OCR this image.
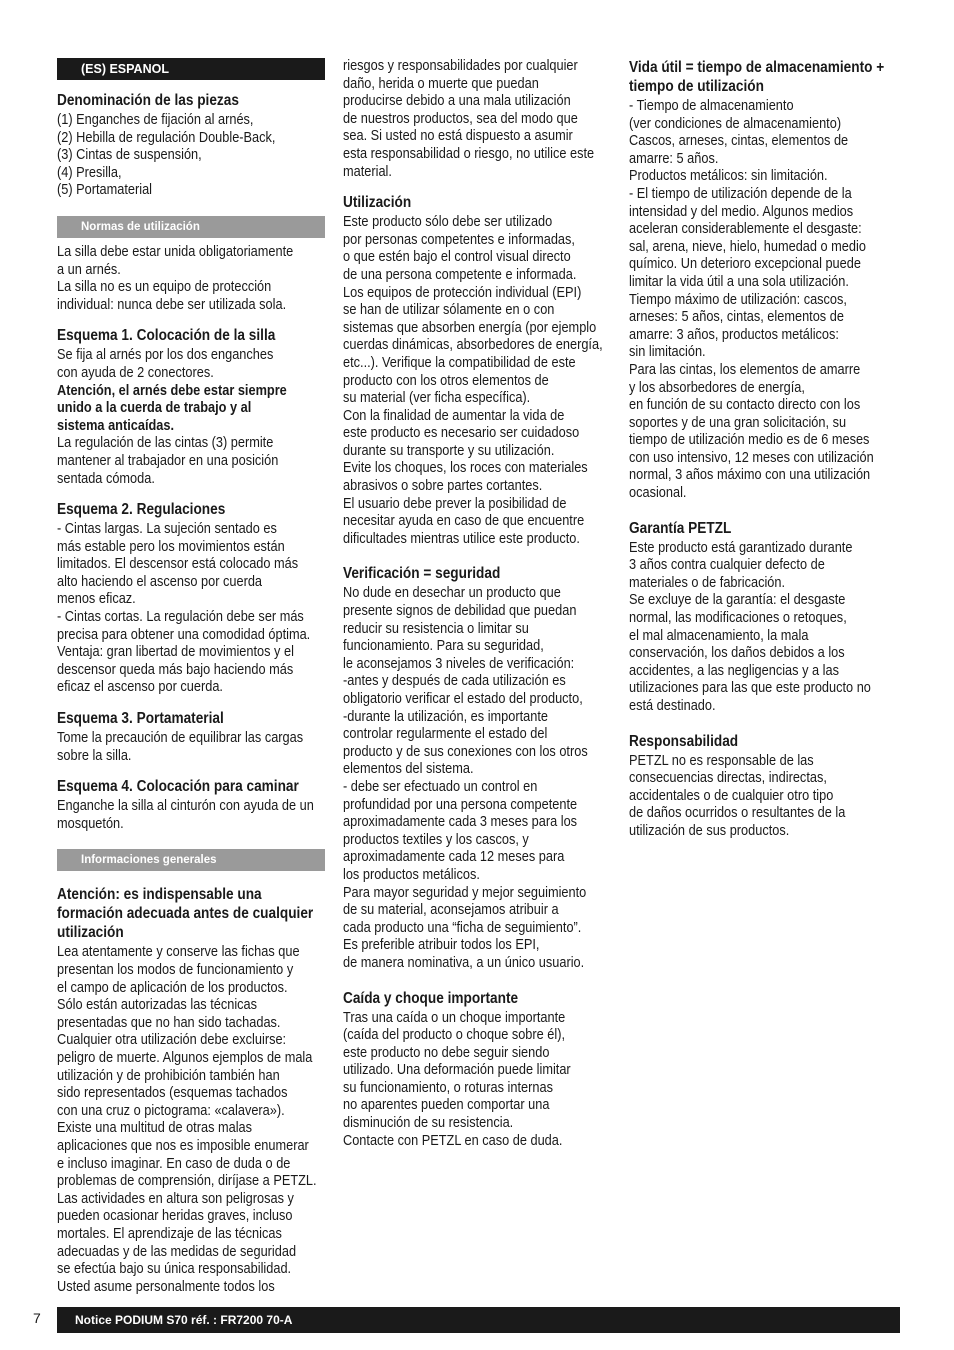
(ES) ESPANOL
Denominación de las piezas

(1) Enganches de fijación al arnés,
(2) Hebilla de regulación Double-Back,
(3) Cintas de suspensión,
(4) Presilla,
(5) Portamaterial

Normas de utilización

La silla debe estar unida obligatoriamente
a un arnés.
La silla no es un equipo de protección
individual: nunca debe ser utilizada sola.

Esquema 1. Colocación de la silla

Se fija al arnés por los dos enganches
con ayuda de 2 conectores.

Atención, el arnés debe estar siempre
unido a la cuerda de trabajo y al
sistema anticaídas.

La regulación de las cintas (3) permite
mantener al trabajador en una posición
sentada cómoda.

Esquema 2. Regulaciones

- Cintas largas. La sujeción sentado es
más estable pero los movimientos están
limitados. El descensor está colocado más
alto haciendo el ascenso por cuerda
menos eficaz.
- Cintas cortas. La regulación debe ser más
precisa para obtener una comodidad óptima.
Ventaja: gran libertad de movimientos y el
descensor queda más bajo haciendo más
eficaz el ascenso por cuerda.

Esquema 3. Portamaterial

Tome la precaución de equilibrar las cargas
sobre la silla.

Esquema 4. Colocación para caminar

Enganche la silla al cinturón con ayuda de un
mosquetón.

Informaciones generales
Atención: es indispensable una
formación adecuada antes de cualquier
utilización

Lea atentamente y conserve las fichas que
presentan los modos de funcionamiento y
el campo de aplicación de los productos.
Sólo están autorizadas las técnicas
presentadas que no han sido tachadas.
Cualquier otra utilización debe excluirse:
peligro de muerte. Algunos ejemplos de mala
utilización y de prohibición también han
sido representados (esquemas tachados
con una cruz o pictograma: «calavera»).
Existe una multitud de otras malas
aplicaciones que nos es imposible enumerar
e incluso imaginar. En caso de duda o de
problemas de comprensión, diríjase a PETZL.
Las actividades en altura son peligrosas y
pueden ocasionar heridas graves, incluso
mortales. El aprendizaje de las técnicas
adecuadas y de las medidas de seguridad
se efectúa bajo su única responsabilidad.
Usted asume personalmente todos los

riesgos y responsabilidades por cualquier
daño, herida o muerte que puedan
producirse debido a una mala utilización
de nuestros productos, sea del modo que
sea. Si usted no está dispuesto a asumir
esta responsabilidad o riesgo, no utilice este
material.

Utilización

Este producto sólo debe ser utilizado
por personas competentes e informadas,
o que estén bajo el control visual directo
de una persona competente e informada.
Los equipos de protección individual (EPI)
se han de utilizar sólamente en o con
sistemas que absorben energía (por ejemplo
cuerdas dinámicas, absorbedores de energía,
etc...). Verifique la compatibilidad de este
producto con los otros elementos de
su material (ver ficha específica).
Con la finalidad de aumentar la vida de
este producto es necesario ser cuidadoso
durante su transporte y su utilización.
Evite los choques, los roces con materiales
abrasivos o sobre partes cortantes.
El usuario debe prever la posibilidad de
necesitar ayuda en caso de que encuentre
dificultades mientras utilice este producto.

Verificación = seguridad

No dude en desechar un producto que
presente signos de debilidad que puedan
reducir su resistencia o limitar su
funcionamiento. Para su seguridad,
le aconsejamos 3 niveles de verificación:
-antes y después de cada utilización es
obligatorio verificar el estado del producto,
-durante la utilización, es importante
controlar regularmente el estado del
producto y de sus conexiones con los otros
elementos del sistema.
- debe ser efectuado un control en
profundidad por una persona competente
aproximadamente cada 3 meses para los
productos textiles y los cascos, y
aproximadamente cada 12 meses para
los productos metálicos.
Para mayor seguridad y mejor seguimiento
de su material, aconsejamos atribuir a
cada producto una “ficha de seguimiento”.
Es preferible atribuir todos los EPI,
de manera nominativa, a un único usuario.

Caída y choque importante

Tras una caída o un choque importante
(caída del producto o choque sobre él),
este producto no debe seguir siendo
utilizado. Una deformación puede limitar
su funcionamiento, o roturas internas
no aparentes pueden comportar una
disminución de su resistencia.
Contacte con PETZL en caso de duda.

Vida útil = tiempo de almacenamiento +
tiempo de utilización

- Tiempo de almacenamiento
(ver condiciones de almacenamiento)
Cascos, arneses, cintas, elementos de
amarre: 5 años.
Productos metálicos: sin limitación.
- El tiempo de utilización depende de la
intensidad y del medio. Algunos medios
aceleran considerablemente el desgaste:
sal, arena, nieve, hielo, humedad o medio
químico. Un deterioro excepcional puede
limitar la vida útil a una sola utilización.
Tiempo máximo de utilización: cascos,
arneses: 5 años, cintas, elementos de
amarre: 3 años, productos metálicos:
sin limitación.
Para las cintas, los elementos de amarre
y los absorbedores de energía,
en función de su contacto directo con los
soportes y de una gran solicitación, su
tiempo de utilización medio es de 6 meses
con uso intensivo, 12 meses con utilización
normal, 3 años máximo con una utilización
ocasional.

Garantía PETZL

Este producto está garantizado durante
3 años contra cualquier defecto de
materiales o de fabricación.
Se excluye de la garantía: el desgaste
normal, las modificaciones o retoques,
el mal almacenamiento, la mala
conservación, los daños debidos a los
accidentes, a las negligencias y a las
utilizaciones para las que este producto no
está destinado.

Responsabilidad

PETZL no es responsable de las
consecuencias directas, indirectas,
accidentales o de cualquier otro tipo
de daños ocurridos o resultantes de la
utilización de sus productos.

7	Notice PODIUM S70 réf. : FR7200 70-A
